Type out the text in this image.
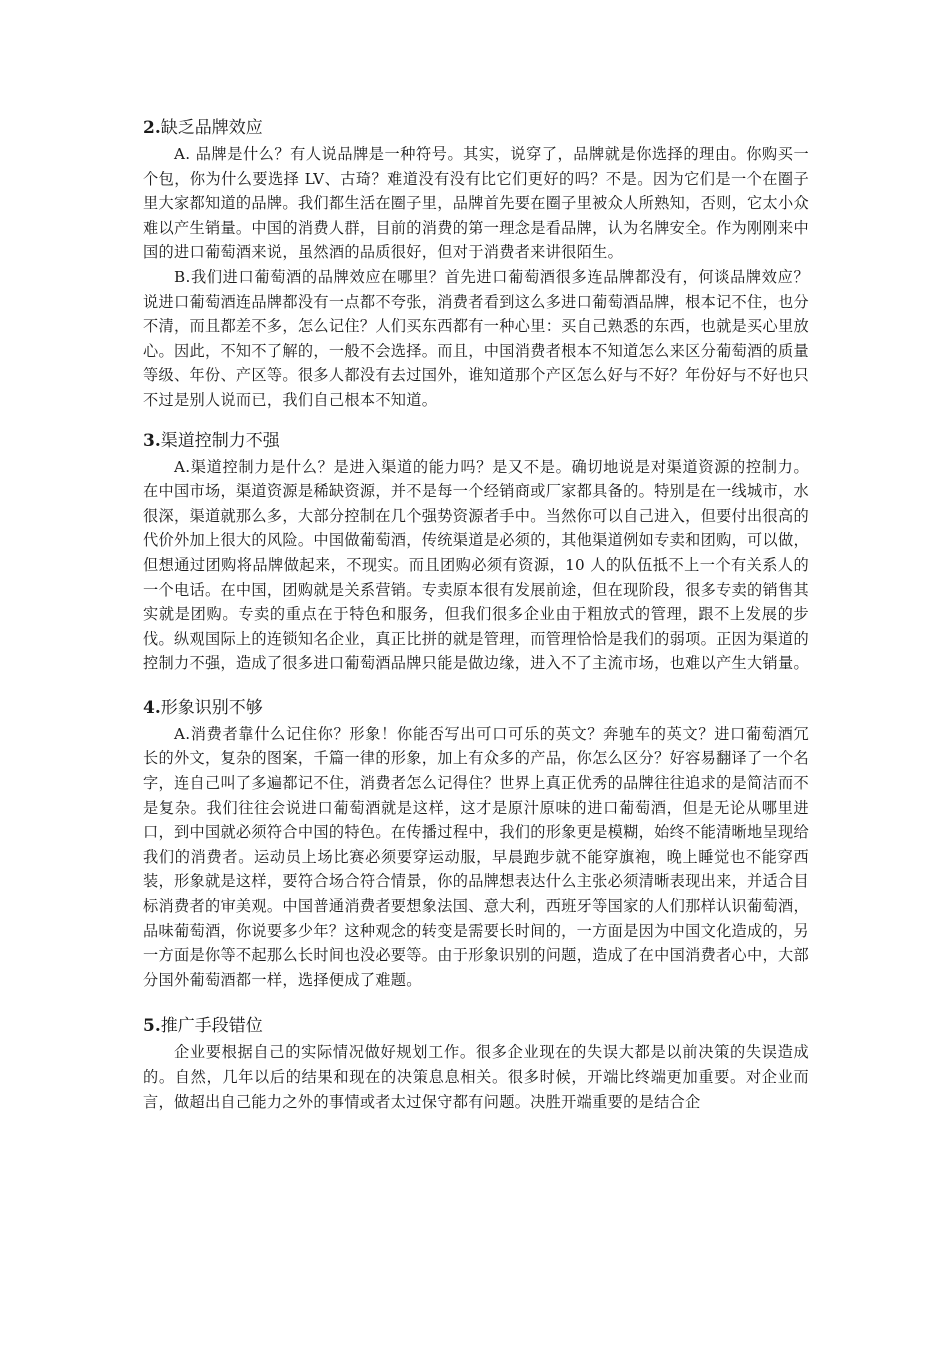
2.缺乏品牌效应

A. 品牌是什么？有人说品牌是一种符号。其实，说穿了，品牌就是你选择的理由。你购买一个包，你为什么要选择 LV、古琦？难道没有没有比它们更好的吗？不是。因为它们是一个在圈子里大家都知道的品牌。我们都生活在圈子里，品牌首先要在圈子里被众人所熟知，否则，它太小众难以产生销量。中国的消费人群，目前的消费的第一理念是看品牌，认为名牌安全。作为刚刚来中国的进口葡萄酒来说，虽然酒的品质很好，但对于消费者来讲很陌生。

B.我们进口葡萄酒的品牌效应在哪里？首先进口葡萄酒很多连品牌都没有，何谈品牌效应？说进口葡萄酒连品牌都没有一点都不夸张，消费者看到这么多进口葡萄酒品牌，根本记不住，也分不清，而且都差不多，怎么记住？人们买东西都有一种心里：买自己熟悉的东西，也就是买心里放心。因此，不知不了解的，一般不会选择。而且，中国消费者根本不知道怎么来区分葡萄酒的质量等级、年份、产区等。很多人都没有去过国外，谁知道那个产区怎么好与不好？年份好与不好也只不过是别人说而已，我们自己根本不知道。

3.渠道控制力不强

A.渠道控制力是什么？是进入渠道的能力吗？是又不是。确切地说是对渠道资源的控制力。在中国市场，渠道资源是稀缺资源，并不是每一个经销商或厂家都具备的。特别是在一线城市，水很深，渠道就那么多，大部分控制在几个强势资源者手中。当然你可以自己进入，但要付出很高的代价外加上很大的风险。中国做葡萄酒，传统渠道是必须的，其他渠道例如专卖和团购，可以做，但想通过团购将品牌做起来，不现实。而且团购必须有资源，10 人的队伍抵不上一个有关系人的一个电话。在中国，团购就是关系营销。专卖原本很有发展前途，但在现阶段，很多专卖的销售其实就是团购。专卖的重点在于特色和服务，但我们很多企业由于粗放式的管理，跟不上发展的步伐。纵观国际上的连锁知名企业，真正比拼的就是管理，而管理恰恰是我们的弱项。正因为渠道的控制力不强，造成了很多进口葡萄酒品牌只能是做边缘，进入不了主流市场，也难以产生大销量。

4.形象识别不够

A.消费者靠什么记住你？形象！你能否写出可口可乐的英文？奔驰车的英文？进口葡萄酒冗长的外文，复杂的图案，千篇一律的形象，加上有众多的产品，你怎么区分？好容易翻译了一个名字，连自己叫了多遍都记不住，消费者怎么记得住？世界上真正优秀的品牌往往追求的是简洁而不是复杂。我们往往会说进口葡萄酒就是这样，这才是原汁原味的进口葡萄酒，但是无论从哪里进口，到中国就必须符合中国的特色。在传播过程中，我们的形象更是模糊，始终不能清晰地呈现给我们的消费者。运动员上场比赛必须要穿运动服，早晨跑步就不能穿旗袍，晚上睡觉也不能穿西装，形象就是这样，要符合场合符合情景，你的品牌想表达什么主张必须清晰表现出来，并适合目标消费者的审美观。中国普通消费者要想象法国、意大利，西班牙等国家的人们那样认识葡萄酒，品味葡萄酒，你说要多少年？这种观念的转变是需要长时间的，一方面是因为中国文化造成的，另一方面是你等不起那么长时间也没必要等。由于形象识别的问题，造成了在中国消费者心中，大部分国外葡萄酒都一样，选择便成了难题。

5.推广手段错位

企业要根据自己的实际情况做好规划工作。很多企业现在的失误大都是以前决策的失误造成的。自然，几年以后的结果和现在的决策息息相关。很多时候，开端比终端更加重要。对企业而言，做超出自己能力之外的事情或者太过保守都有问题。决胜开端重要的是结合企
